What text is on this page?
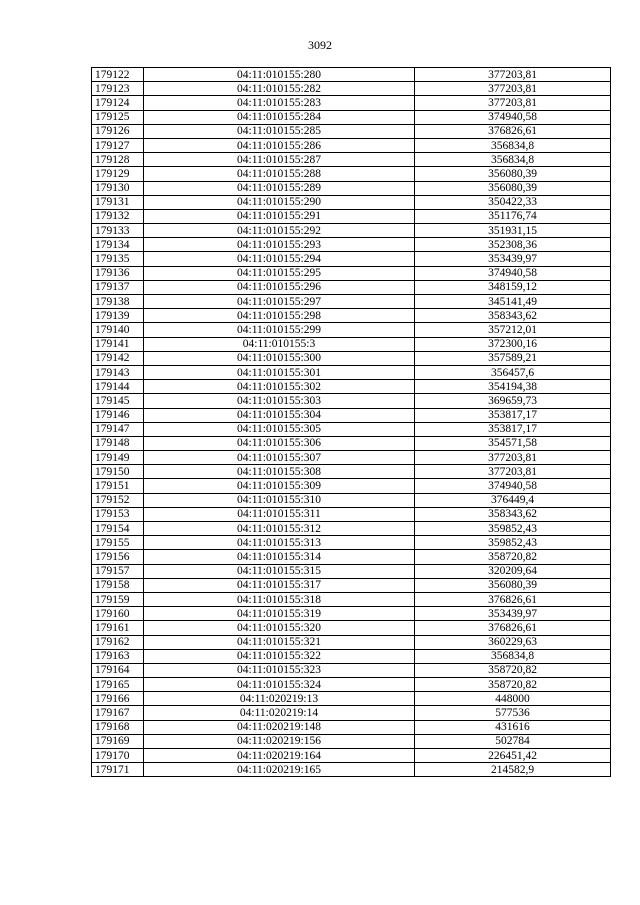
3092
179122	04:11:010155:280	377203,81
179123	04:11:010155:282	377203,81
179124	04:11:010155:283	377203,81
179125	04:11:010155:284	374940,58
179126	04:11:010155:285	376826,61
179127	04:11:010155:286	356834,8
179128	04:11:010155:287	356834,8
179129	04:11:010155:288	356080,39
179130	04:11:010155:289	356080,39
179131	04:11:010155:290	350422,33
179132	04:11:010155:291	351176,74
179133	04:11:010155:292	351931,15
179134	04:11:010155:293	352308,36
179135	04:11:010155:294	353439,97
179136	04:11:010155:295	374940,58
179137	04:11:010155:296	348159,12
179138	04:11:010155:297	345141,49
179139	04:11:010155:298	358343,62
179140	04:11:010155:299	357212,01
179141	04:11:010155:3	372300,16
179142	04:11:010155:300	357589,21
179143	04:11:010155:301	356457,6
179144	04:11:010155:302	354194,38
179145	04:11:010155:303	369659,73
179146	04:11:010155:304	353817,17
179147	04:11:010155:305	353817,17
179148	04:11:010155:306	354571,58
179149	04:11:010155:307	377203,81
179150	04:11:010155:308	377203,81
179151	04:11:010155:309	374940,58
179152	04:11:010155:310	376449,4
179153	04:11:010155:311	358343,62
179154	04:11:010155:312	359852,43
179155	04:11:010155:313	359852,43
179156	04:11:010155:314	358720,82
179157	04:11:010155:315	320209,64
179158	04:11:010155:317	356080,39
179159	04:11:010155:318	376826,61
179160	04:11:010155:319	353439,97
179161	04:11:010155:320	376826,61
179162	04:11:010155:321	360229,63
179163	04:11:010155:322	356834,8
179164	04:11:010155:323	358720,82
179165	04:11:010155:324	358720,82
179166	04:11:020219:13	448000
179167	04:11:020219:14	577536
179168	04:11:020219:148	431616
179169	04:11:020219:156	502784
179170	04:11:020219:164	226451,42
179171	04:11:020219:165	214582,9
